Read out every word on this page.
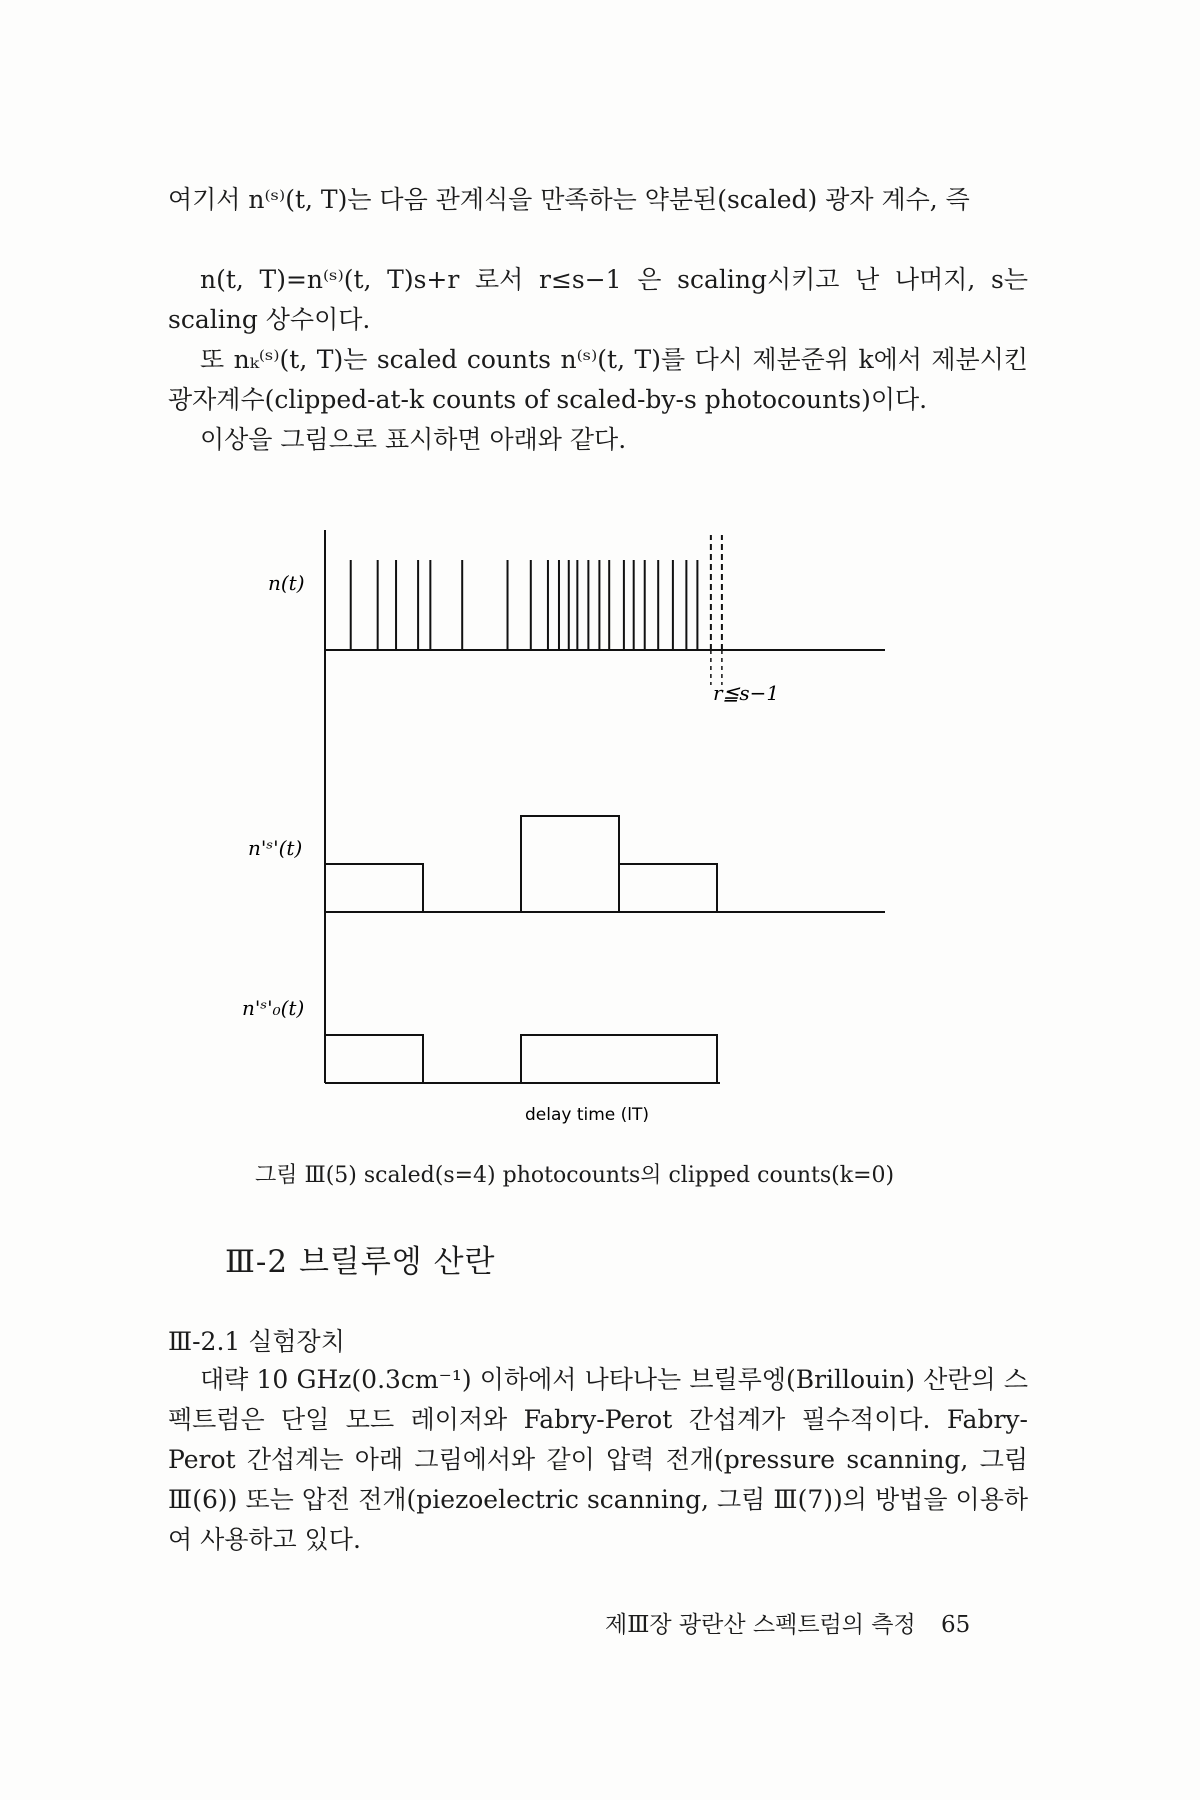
여기서 n⁽ˢ⁾(t, T)는 다음 관계식을 만족하는 약분된(scaled) 광자 계수, 즉

n(t, T)=n⁽ˢ⁾(t, T)s+r 로서 r≤s−1 은 scaling시키고 난 나머지, s는 scaling 상수이다.

또 nₖ⁽ˢ⁾(t, T)는 scaled counts n⁽ˢ⁾(t, T)를 다시 제분준위 k에서 제분시킨 광자계수(clipped-at-k counts of scaled-by-s photocounts)이다.

이상을 그림으로 표시하면 아래와 같다.

n(t)
n'ˢ'(t)
n'ˢ'₀(t)
r≦s−1
delay time (lT)
그림 Ⅲ(5) scaled(s=4) photocounts의 clipped counts(k=0)
Ⅲ-2 브릴루엥 산란
Ⅲ-2.1 실험장치

대략 10 GHz(0.3cm⁻¹) 이하에서 나타나는 브릴루엥(Brillouin) 산란의 스펙트럼은 단일 모드 레이저와 Fabry-Perot 간섭계가 필수적이다. Fabry-Perot 간섭계는 아래 그림에서와 같이 압력 전개(pressure scanning, 그림 Ⅲ(6)) 또는 압전 전개(piezoelectric scanning, 그림 Ⅲ(7))의 방법을 이용하여 사용하고 있다.

제Ⅲ장 광란산 스펙트럼의 측정 65
